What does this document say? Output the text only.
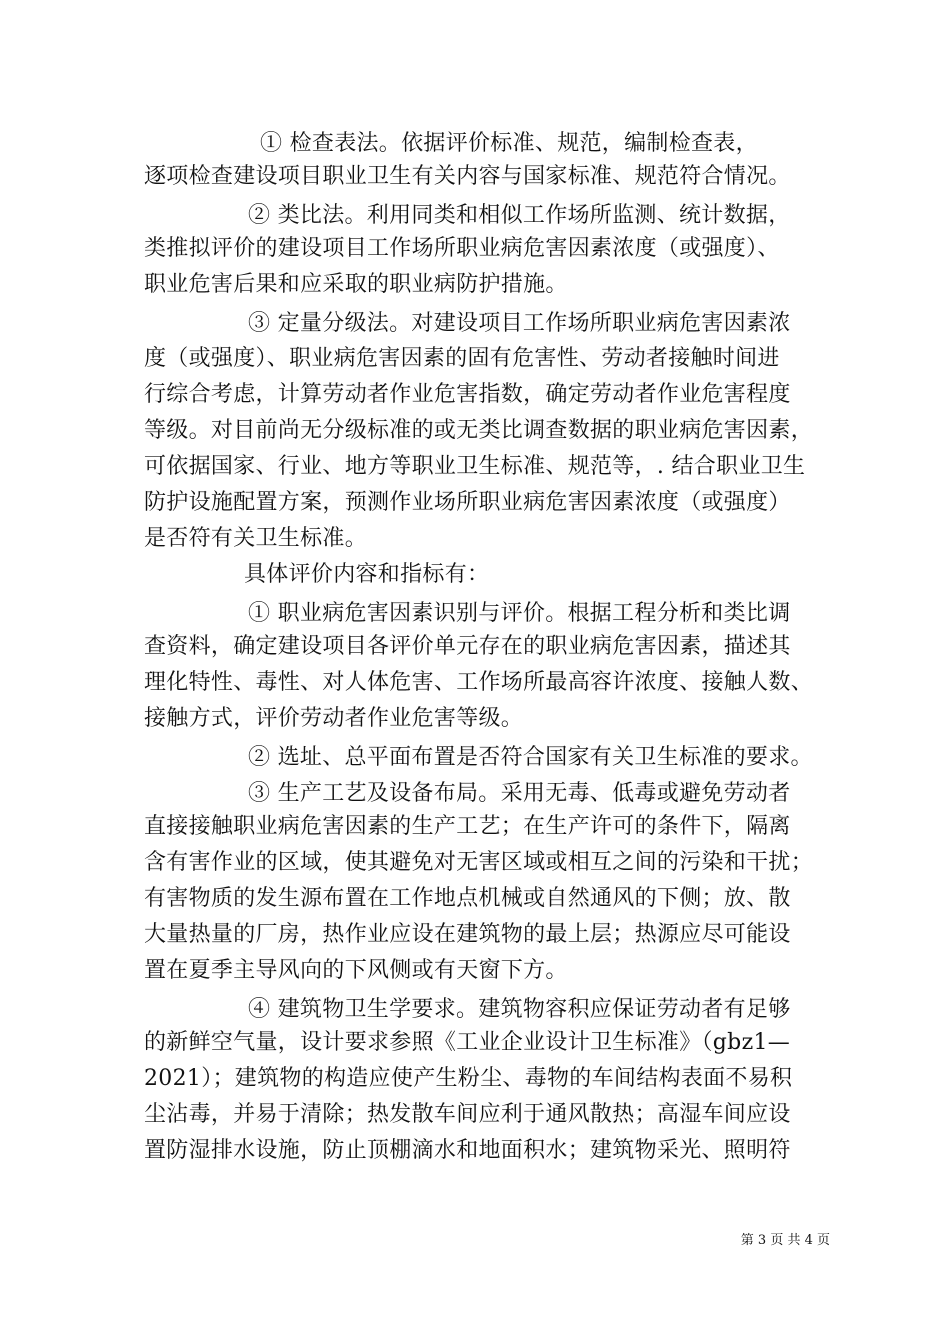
① 检查表法。依据评价标准、规范，编制检查表，
逐项检查建设项目职业卫生有关内容与国家标准、规范符合情况。
② 类比法。利用同类和相似工作场所监测、统计数据，
类推拟评价的建设项目工作场所职业病危害因素浓度（或强度）、
职业危害后果和应采取的职业病防护措施。
③ 定量分级法。对建设项目工作场所职业病危害因素浓
度（或强度）、职业病危害因素的固有危害性、劳动者接触时间进
行综合考虑，计算劳动者作业危害指数，确定劳动者作业危害程度
等级。对目前尚无分级标准的或无类比调查数据的职业病危害因素，
可依据国家、行业、地方等职业卫生标准、规范等，. 结合职业卫生
防护设施配置方案，预测作业场所职业病危害因素浓度（或强度）
是否符有关卫生标准。
具体评价内容和指标有：
① 职业病危害因素识别与评价。根据工程分析和类比调
查资料，确定建设项目各评价单元存在的职业病危害因素，描述其
理化特性、毒性、对人体危害、工作场所最高容许浓度、接触人数、
接触方式，评价劳动者作业危害等级。
② 选址、总平面布置是否符合国家有关卫生标准的要求。
③ 生产工艺及设备布局。采用无毒、低毒或避免劳动者
直接接触职业病危害因素的生产工艺；在生产许可的条件下，隔离
含有害作业的区域，使其避免对无害区域或相互之间的污染和干扰；
有害物质的发生源布置在工作地点机械或自然通风的下侧；放、散
大量热量的厂房，热作业应设在建筑物的最上层；热源应尽可能设
置在夏季主导风向的下风侧或有天窗下方。
④ 建筑物卫生学要求。建筑物容积应保证劳动者有足够
的新鲜空气量，设计要求参照《工业企业设计卫生标准》（gbz1—
2021）；建筑物的构造应使产生粉尘、毒物的车间结构表面不易积
尘沾毒，并易于清除；热发散车间应利于通风散热；高湿车间应设
置防湿排水设施，防止顶棚滴水和地面积水；建筑物采光、照明符
第 3 页 共 4 页
